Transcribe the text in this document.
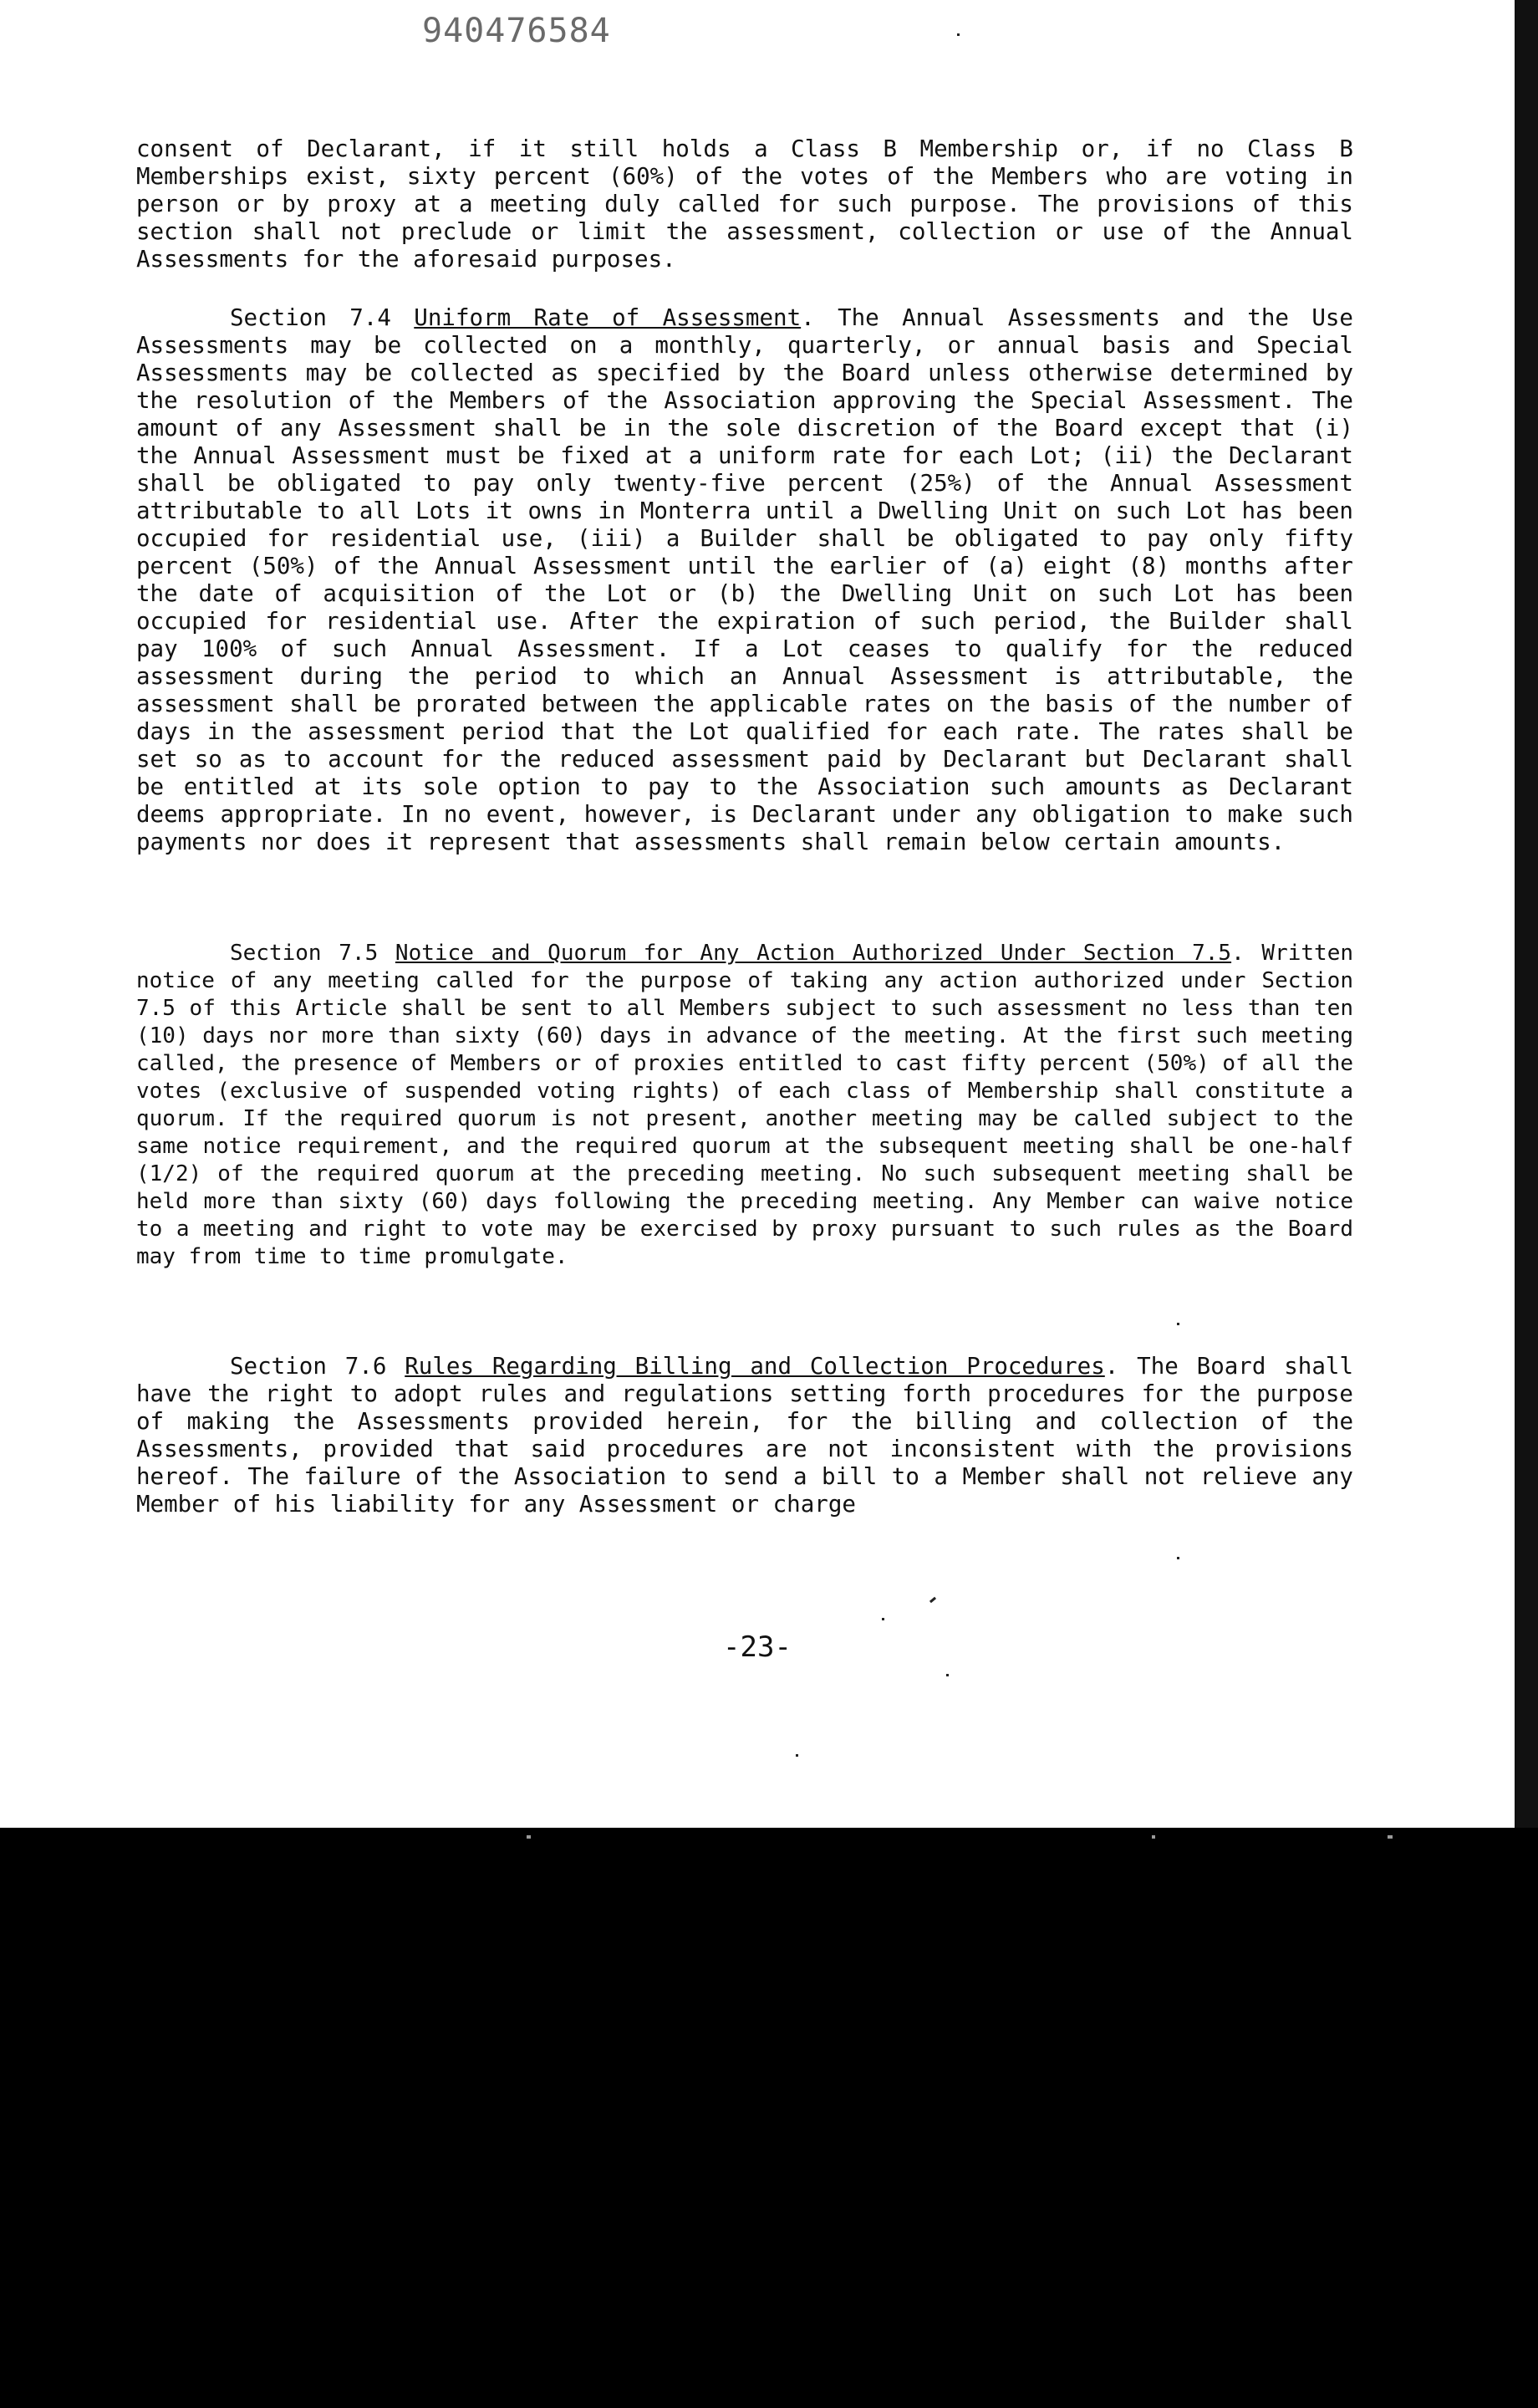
940476584

consent of Declarant, if it still holds a Class B Membership or, if no Class B Memberships exist, sixty percent (60%) of the votes of the Members who are voting in person or by proxy at a meeting duly called for such purpose. The provisions of this section shall not preclude or limit the assessment, collection or use of the Annual Assessments for the aforesaid purposes.

Section 7.4 Uniform Rate of Assessment. The Annual Assessments and the Use Assessments may be collected on a monthly, quarterly, or annual basis and Special Assessments may be collected as specified by the Board unless otherwise determined by the resolution of the Members of the Association approving the Special Assessment. The amount of any Assessment shall be in the sole discretion of the Board except that (i) the Annual Assessment must be fixed at a uniform rate for each Lot; (ii) the Declarant shall be obligated to pay only twenty-five percent (25%) of the Annual Assessment attributable to all Lots it owns in Monterra until a Dwelling Unit on such Lot has been occupied for residential use, (iii) a Builder shall be obligated to pay only fifty percent (50%) of the Annual Assessment until the earlier of (a) eight (8) months after the date of acquisition of the Lot or (b) the Dwelling Unit on such Lot has been occupied for residential use. After the expiration of such period, the Builder shall pay 100% of such Annual Assessment. If a Lot ceases to qualify for the reduced assessment during the period to which an Annual Assessment is attributable, the assessment shall be prorated between the applicable rates on the basis of the number of days in the assessment period that the Lot qualified for each rate. The rates shall be set so as to account for the reduced assessment paid by Declarant but Declarant shall be entitled at its sole option to pay to the Association such amounts as Declarant deems appropriate. In no event, however, is Declarant under any obligation to make such payments nor does it represent that assessments shall remain below certain amounts.

Section 7.5 Notice and Quorum for Any Action Authorized Under Section 7.5. Written notice of any meeting called for the purpose of taking any action authorized under Section 7.5 of this Article shall be sent to all Members subject to such assessment no less than ten (10) days nor more than sixty (60) days in advance of the meeting. At the first such meeting called, the presence of Members or of proxies entitled to cast fifty percent (50%) of all the votes (exclusive of suspended voting rights) of each class of Membership shall constitute a quorum. If the required quorum is not present, another meeting may be called subject to the same notice requirement, and the required quorum at the subsequent meeting shall be one-half (1/2) of the required quorum at the preceding meeting. No such subsequent meeting shall be held more than sixty (60) days following the preceding meeting. Any Member can waive notice to a meeting and right to vote may be exercised by proxy pursuant to such rules as the Board may from time to time promulgate.

Section 7.6 Rules Regarding Billing and Collection Procedures. The Board shall have the right to adopt rules and regulations setting forth procedures for the purpose of making the Assessments provided herein, for the billing and collection of the Assessments, provided that said procedures are not inconsistent with the provisions hereof. The failure of the Association to send a bill to a Member shall not relieve any Member of his liability for any Assessment or charge

-23-
